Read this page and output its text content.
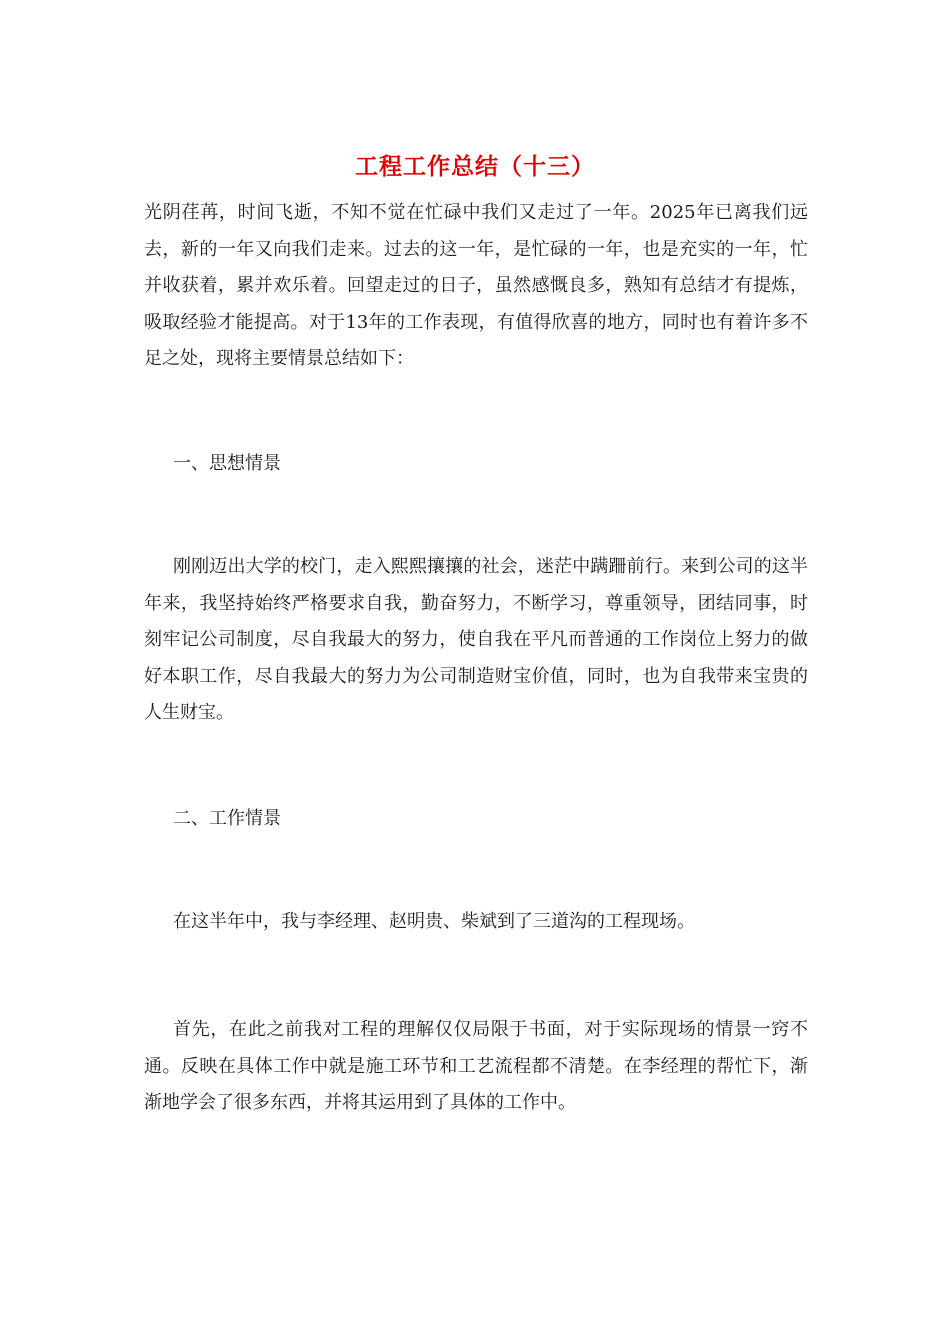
工程工作总结（十三）
光阴荏苒，时间飞逝，不知不觉在忙碌中我们又走过了一年。2025年已离我们远去，新的一年又向我们走来。过去的这一年，是忙碌的一年，也是充实的一年，忙并收获着，累并欢乐着。回望走过的日子，虽然感慨良多，熟知有总结才有提炼，吸取经验才能提高。对于13年的工作表现，有值得欣喜的地方，同时也有着许多不足之处，现将主要情景总结如下：
一、思想情景
刚刚迈出大学的校门，走入熙熙攘攘的社会，迷茫中蹒跚前行。来到公司的这半年来，我坚持始终严格要求自我，勤奋努力，不断学习，尊重领导，团结同事，时刻牢记公司制度，尽自我最大的努力，使自我在平凡而普通的工作岗位上努力的做好本职工作，尽自我最大的努力为公司制造财宝价值，同时，也为自我带来宝贵的人生财宝。
二、工作情景
在这半年中，我与李经理、赵明贵、柴斌到了三道沟的工程现场。
首先，在此之前我对工程的理解仅仅局限于书面，对于实际现场的情景一窍不通。反映在具体工作中就是施工环节和工艺流程都不清楚。在李经理的帮忙下，渐渐地学会了很多东西，并将其运用到了具体的工作中。
